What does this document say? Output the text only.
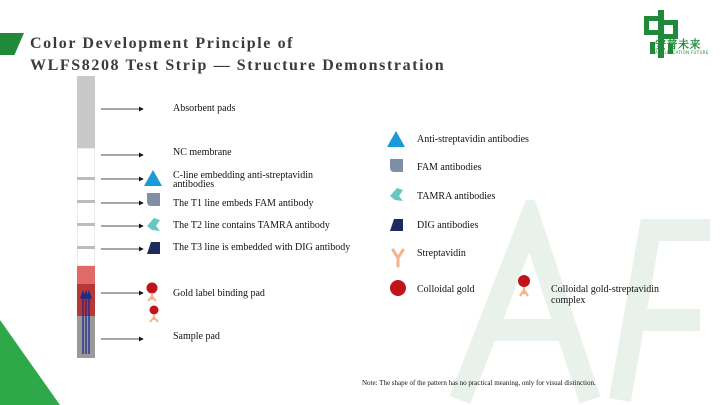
Color Development Principle of
WLFS8208 Test Strip — Structure Demonstration
安普未来
AMPLIFICATION FUTURE
Absorbent pads
NC membrane
C-line embedding anti-streptavidin
antibodies
The T1 line embeds FAM antibody
The T2 line contains TAMRA antibody
The T3 line is embedded with DIG antibody
Gold label binding pad
Sample pad
Anti-streptavidin antibodies
FAM antibodies
TAMRA antibodies
DIG antibodies
Streptavidin
Colloidal gold	Colloidal gold-streptavidin
complex
Note: The shape of the pattern has no practical meaning, only for visual distinction.
